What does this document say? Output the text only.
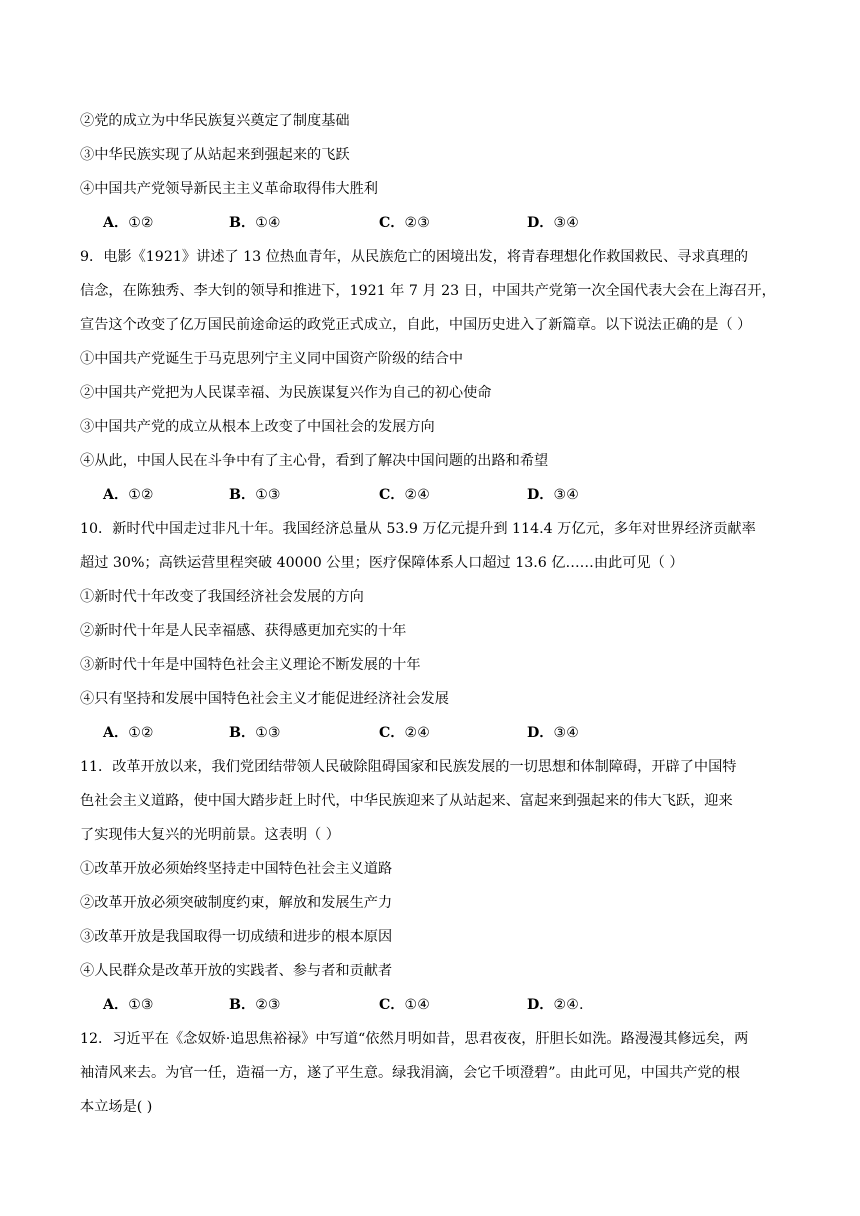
②党的成立为中华民族复兴奠定了制度基础
③中华民族实现了从站起来到强起来的飞跃
④中国共产党领导新民主主义革命取得伟大胜利
A．①②	B．①④	C．②③	D．③④
9．电影《1921》讲述了 13 位热血青年，从民族危亡的困境出发，将青春理想化作救国救民、寻求真理的
信念，在陈独秀、李大钊的领导和推进下，1921 年 7 月 23 日，中国共产党第一次全国代表大会在上海召开，
宣告这个改变了亿万国民前途命运的政党正式成立，自此，中国历史进入了新篇章。以下说法正确的是（ ）
①中国共产党诞生于马克思列宁主义同中国资产阶级的结合中
②中国共产党把为人民谋幸福、为民族谋复兴作为自己的初心使命
③中国共产党的成立从根本上改变了中国社会的发展方向
④从此，中国人民在斗争中有了主心骨，看到了解决中国问题的出路和希望
A．①②	B．①③	C．②④	D．③④
10．新时代中国走过非凡十年。我国经济总量从 53.9 万亿元提升到 114.4 万亿元，多年对世界经济贡献率
超过 30%；高铁运营里程突破 40000 公里；医疗保障体系人口超过 13.6 亿……由此可见（ ）
①新时代十年改变了我国经济社会发展的方向
②新时代十年是人民幸福感、获得感更加充实的十年
③新时代十年是中国特色社会主义理论不断发展的十年
④只有坚持和发展中国特色社会主义才能促进经济社会发展
A．①②	B．①③	C．②④	D．③④
11．改革开放以来，我们党团结带领人民破除阻碍国家和民族发展的一切思想和体制障碍，开辟了中国特
色社会主义道路，使中国大踏步赶上时代，中华民族迎来了从站起来、富起来到强起来的伟大飞跃，迎来
了实现伟大复兴的光明前景。这表明（ ）
①改革开放必须始终坚持走中国特色社会主义道路
②改革开放必须突破制度约束，解放和发展生产力
③改革开放是我国取得一切成绩和进步的根本原因
④人民群众是改革开放的实践者、参与者和贡献者
A．①③	B．②③	C．①④	D．②④.
12．习近平在《念奴娇·追思焦裕禄》中写道“依然月明如昔，思君夜夜，肝胆长如洗。路漫漫其修远矣，两
袖清风来去。为官一任，造福一方，遂了平生意。绿我涓滴，会它千顷澄碧”。由此可见，中国共产党的根
本立场是( )
